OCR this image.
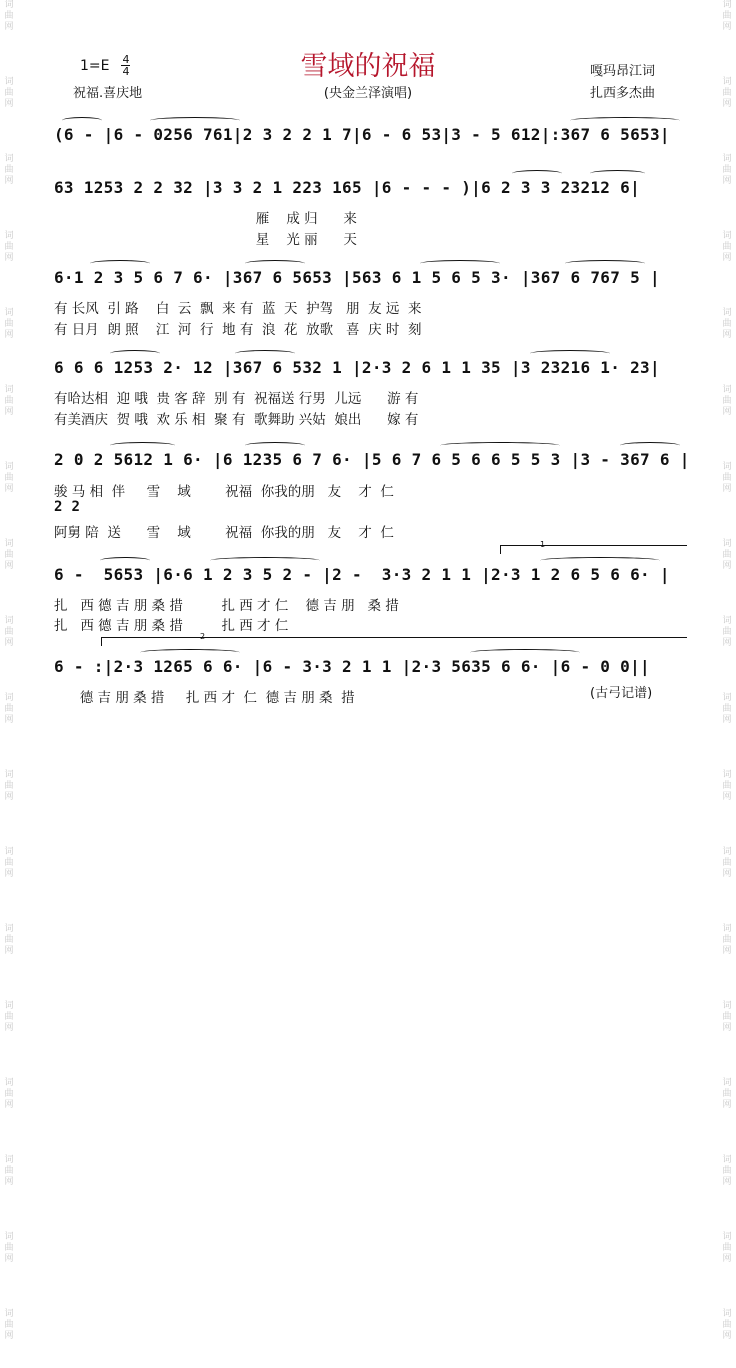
词
曲
网
词
曲
网
词
曲
网
词
曲
网
词
曲
网
词
曲
网
词
曲
网
词
曲
网
词
曲
网
词
曲
网
词
曲
网
词
曲
网
词
曲
网
词
曲
网
词
曲
网
词
曲
网
词
曲
网
词
曲
网
词
曲
网
词
曲
网
词
曲
网
词
曲
网
词
曲
网
词
曲
网
词
曲
网
词
曲
网
词
曲
网
词
曲
网
词
曲
网
词
曲
网
词
曲
网
词
曲
网
词
曲
网
词
曲
网
词
曲
网
词
曲
网
雪域的祝福
(央金兰泽演唱)
1=E 4
4
祝福.喜庆地
嘎玛昂江词
扎西多杰曲
(6 - |6 - 0256 761|2 3 2 2 1 7|6 - 6 53|3 - 5 612|:367 6 5653|
63 1253 2 2 32 |3 3 2 1 223 165 |6 - - - )|6 2 3 3 23212 6|
雁    成 归      来
星    光 丽      天
6·1 2 3 5 6 7 6· |367 6 5653 |563 6 1 5 6 5 3· |367 6 767 5 |
有 长风  引 路    白  云  飘  来 有  蓝  天  护驾   朋  友 远  来
有 日月  朗 照    江  河  行  地 有  浪  花  放歌   喜  庆 时  刻
6 6 6 1253 2· 12 |367 6 532 1 |2·3 2 6 1 1 35 |3 23216 1· 23|
有哈达相  迎 哦  贵 客 辞  别 有  祝福送 行男  儿远      游 有
有美酒庆  贺 哦  欢 乐 相  聚 有  歌舞助 兴姑  娘出      嫁 有
2 0 2 5612 1 6· |6 1235 6 7 6· |5 6 7 6 5 6 6 5 5 3 |3 - 367 6 |
骏 马 相  伴     雪    域        祝福  你我的朋   友    才  仁
2 2
阿舅 陪  送      雪    域        祝福  你我的朋   友    才  仁
1
6 -  5653 |6·6 1 2 3 5 2 - |2 -  3·3 2 1 1 |2·3 1 2 6 5 6 6· |
扎   西 德 吉 朋 桑 措         扎 西 才 仁    德 吉 朋   桑 措
扎   西 德 吉 朋 桑 措         扎 西 才 仁
2
6 - :|2·3 1265 6 6· |6 - 3·3 2 1 1 |2·3 5635 6 6· |6 - 0 0||
德 吉 朋 桑 措     扎 西 才  仁  德 吉 朋 桑  措	(古弓记谱)
